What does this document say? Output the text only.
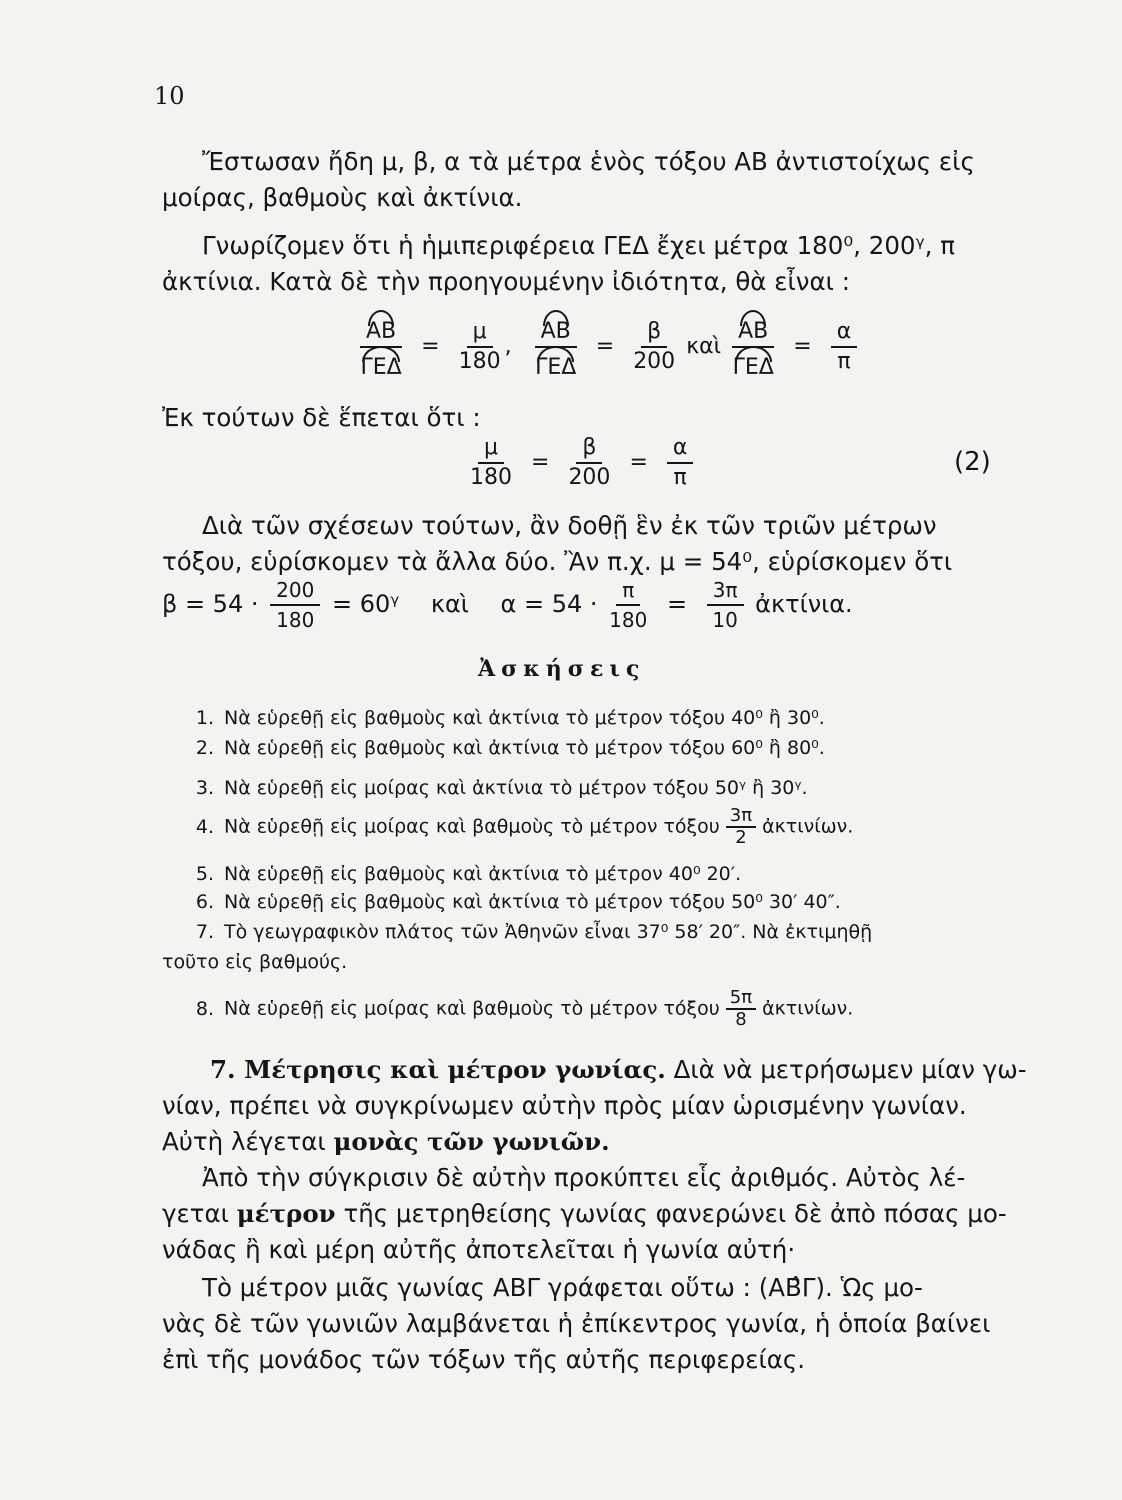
10
Ἔστωσαν ἤδη μ, β, α τὰ μέτρα ἑνὸς τόξου ΑΒ ἀντιστοίχως εἰς
μοίρας, βαθμοὺς καὶ ἀκτίνια.
Γνωρίζομεν ὅτι ἡ ἡμιπεριφέρεια ΓΕΔ ἔχει μέτρα 180⁰, 200ᵞ, π
ἀκτίνια. Κατὰ δὲ τὴν προηγουμένην ἰδιότητα, θὰ εἶναι :
$\frac{AB}{\text{ΓΕΔ}} = \frac{\mu}{180}$ , $\frac{AB}{\text{ΓΕΔ}} = \frac{\beta}{200}$ καὶ $\frac{AB}{\text{ΓΕΔ}} = \frac{\alpha}{\pi}$
Ἐκ τούτων δὲ ἕπεται ὅτι :
$\frac{\mu}{180} = \frac{\beta}{200} = \frac{\alpha}{\pi}$	(2)
Διὰ τῶν σχέσεων τούτων, ἂν δοθῇ ἓν ἐκ τῶν τριῶν μέτρων
τόξου, εὑρίσκομεν τὰ ἄλλα δύο. Ἂν π.χ. μ = 54⁰, εὑρίσκομεν ὅτι
$\beta = 54 \cdot \frac{200}{180}$ = 60ᵞ καὶ $\alpha = 54 \cdot \frac{\pi}{180} = \frac{3\pi}{10}$ ἀκτίνια.
Ἀσκήσεις
1. Νὰ εὑρεθῇ εἰς βαθμοὺς καὶ ἀκτίνια τὸ μέτρον τόξου 40⁰ ἢ 30⁰.
2. Νὰ εὑρεθῇ εἰς βαθμοὺς καὶ ἀκτίνια τὸ μέτρον τόξου 60⁰ ἢ 80⁰.
3. Νὰ εὑρεθῇ εἰς μοίρας καὶ ἀκτίνια τὸ μέτρον τόξου 50ᵞ ἢ 30ᵞ.
4. Νὰ εὑρεθῇ εἰς μοίρας καὶ βαθμοὺς τὸ μέτρον τόξου $\frac{3\pi}{2}$ ἀκτινίων.
5. Νὰ εὑρεθῇ εἰς βαθμοὺς καὶ ἀκτίνια τὸ μέτρον 40⁰ 20′.
6. Νὰ εὑρεθῇ εἰς βαθμοὺς καὶ ἀκτίνια τὸ μέτρον τόξου 50⁰ 30′ 40″.
7. Τὸ γεωγραφικὸν πλάτος τῶν Ἀθηνῶν εἶναι 37⁰ 58′ 20″. Νὰ ἐκτιμηθῇ
τοῦτο εἰς βαθμούς.
8. Νὰ εὑρεθῇ εἰς μοίρας καὶ βαθμοὺς τὸ μέτρον τόξου $\frac{5\pi}{8}$ ἀκτινίων.
7. Μέτρησις καὶ μέτρον γωνίας. Διὰ νὰ μετρήσωμεν μίαν γω-
νίαν, πρέπει νὰ συγκρίνωμεν αὐτὴν πρὸς μίαν ὡρισμένην γωνίαν.
Αὐτὴ λέγεται μονὰς τῶν γωνιῶν.
Ἀπὸ τὴν σύγκρισιν δὲ αὐτὴν προκύπτει εἷς ἀριθμός. Αὐτὸς λέ-
γεται μέτρον τῆς μετρηθείσης γωνίας φανερώνει δὲ ἀπὸ πόσας μο-
νάδας ἢ καὶ μέρη αὐτῆς ἀποτελεῖται ἡ γωνία αὐτή·
Τὸ μέτρον μιᾶς γωνίας ΑΒΓ γράφεται οὕτω : (ΑΒ̂Γ). Ὡς μο-
νὰς δὲ τῶν γωνιῶν λαμβάνεται ἡ ἐπίκεντρος γωνία, ἡ ὁποία βαίνει
ἐπὶ τῆς μονάδος τῶν τόξων τῆς αὐτῆς περιφερείας.
